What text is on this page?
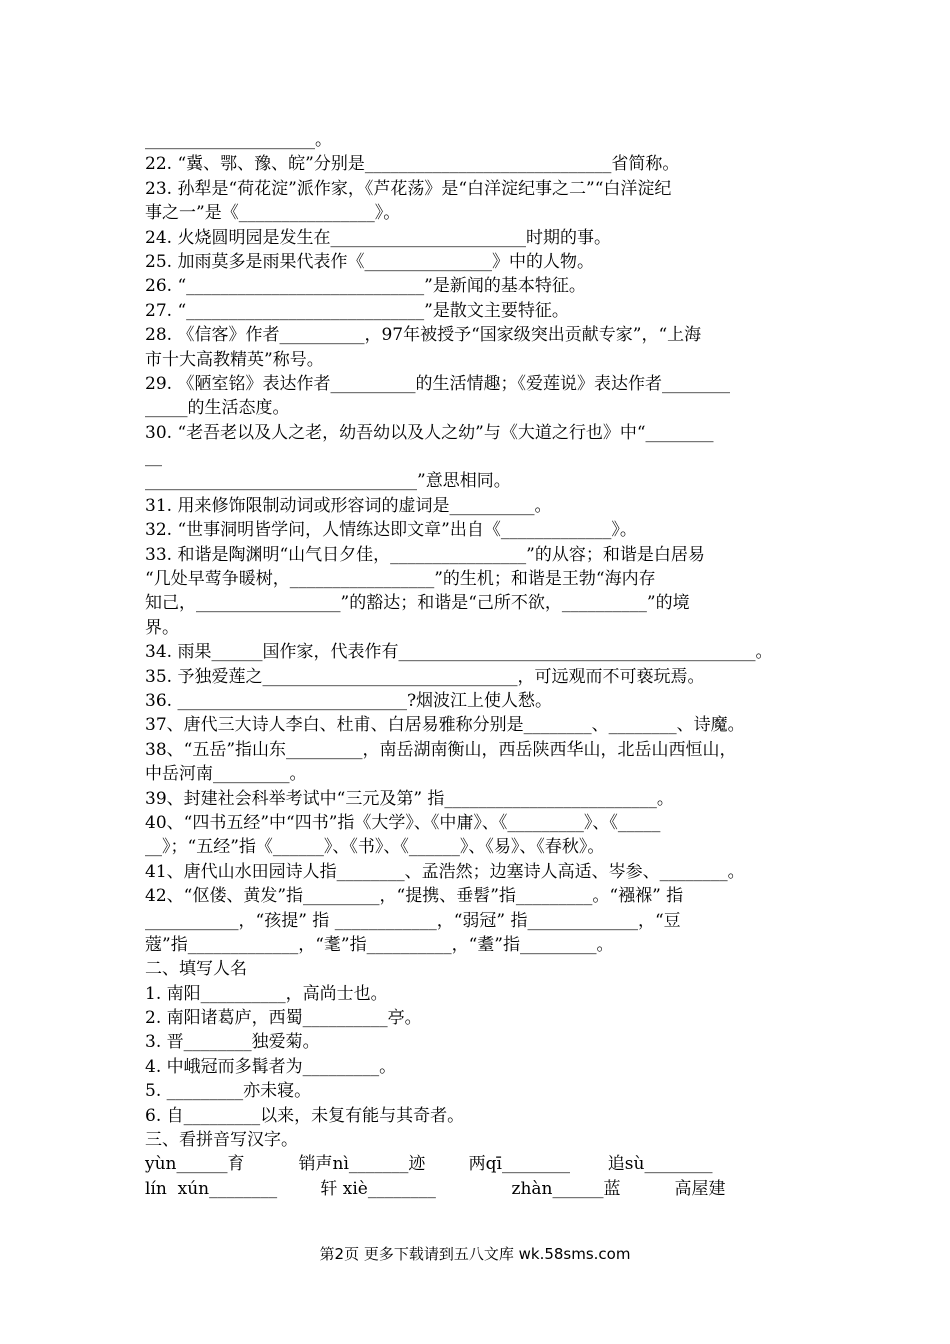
____________________。
22. “冀、鄂、豫、皖”分别是_____________________________省简称。
23. 孙犁是“荷花淀”派作家，《芦花荡》是“白洋淀纪事之二”“白洋淀纪
事之一”是《________________》。
24. 火烧圆明园是发生在_______________________时期的事。
25. 加雨莫多是雨果代表作《_______________》中的人物。
26. “____________________________”是新闻的基本特征。
27. “____________________________”是散文主要特征。
28. 《信客》作者__________，97年被授予“国家级突出贡献专家”，“上海
市十大高教精英”称号。
29. 《陋室铭》表达作者__________的生活情趣；《爱莲说》表达作者________
_____的生活态度。
30. “老吾老以及人之老，幼吾幼以及人之幼”与《大道之行也》中“________
__
________________________________”意思相同。
31. 用来修饰限制动词或形容词的虚词是__________。
32. “世事洞明皆学问，人情练达即文章”出自《_____________》。
33. 和谐是陶渊明“山气日夕佳，________________”的从容；和谐是白居易
“几处早莺争暖树，_________________”的生机；和谐是王勃“海内存
知己，_________________”的豁达；和谐是“己所不欲，__________”的境
界。
34. 雨果______国作家，代表作有__________________________________________。
35. 予独爱莲之______________________________，可远观而不可亵玩焉。
36. ___________________________?烟波江上使人愁。
37、唐代三大诗人李白、杜甫、白居易雅称分别是________、________、诗魔。
38、“五岳”指山东_________，南岳湖南衡山，西岳陕西华山，北岳山西恒山，
中岳河南_________。
39、封建社会科举考试中“三元及第” 指_________________________。
40、“四书五经”中“四书”指《大学》、《中庸》、《_________》、《_____
__》；“五经”指《______》、《书》、《______》、《易》、《春秋》。
41、唐代山水田园诗人指________、孟浩然；边塞诗人高适、岑参、________。
42、“伛偻、黄发”指_________，“提携、垂髫”指_________。“襁褓” 指
___________，“孩提” 指 ____________，“弱冠” 指_____________，“豆
蔻”指_____________，“耄”指__________，“耋”指_________。
二、填写人名
1. 南阳__________，高尚士也。
2. 南阳诸葛庐，西蜀__________亭。
3. 晋________独爱菊。
4. 中峨冠而多髯者为_________。
5. _________亦未寝。
6. 自_________以来，未复有能与其奇者。
三、看拼音写汉字。
yùn______育          销声nì_______迹        两qī________       追sù________
lín  xún________        轩 xiè________              zhàn______蓝          高屋建
第2页 更多下载请到五八文库 wk.58sms.com
